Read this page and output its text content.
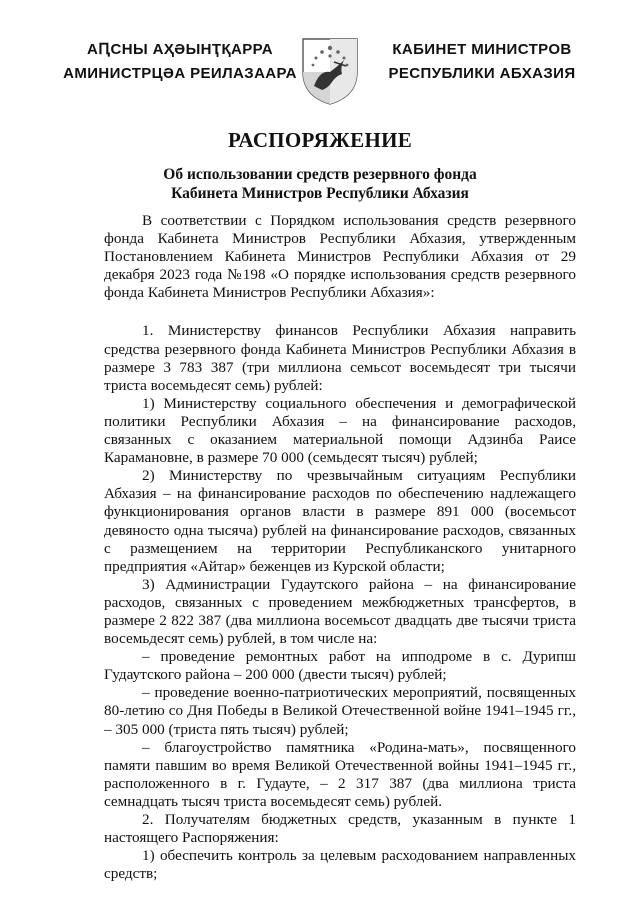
АԤСНЫ АҲӘЫНҬҚАРРА
АМИНИСТРЦӘА РЕИЛАЗААРА
КАБИНЕТ МИНИСТРОВ
РЕСПУБЛИКИ АБХАЗИЯ
РАСПОРЯЖЕНИЕ
Об использовании средств резервного фонда
Кабинета Министров Республики Абхазия

В соответствии с Порядком использования средств резервного фонда Кабинета Министров Республики Абхазия, утвержденным Постановлением Кабинета Министров Республики Абхазия от 29 декабря 2023 года №198 «О порядке использования средств резервного фонда Кабинета Министров Республики Абхазия»:

1. Министерству финансов Республики Абхазия направить средства резервного фонда Кабинета Министров Республики Абхазия в размере 3 783 387 (три миллиона семьсот восемьдесят три тысячи триста восемьдесят семь) рублей:

1) Министерству социального обеспечения и демографической политики Республики Абхазия – на финансирование расходов, связанных с оказанием материальной помощи Адзинба Раисе Карамановне, в размере 70 000 (семьдесят тысяч) рублей;

2) Министерству по чрезвычайным ситуациям Республики Абхазия – на финансирование расходов по обеспечению надлежащего функционирования органов власти в размере 891 000 (восемьсот девяносто одна тысяча) рублей на финансирование расходов, связанных с размещением на территории Республиканского унитарного предприятия «Айтар» беженцев из Курской области;

3) Администрации Гудаутского района – на финансирование расходов, связанных с проведением межбюджетных трансфертов, в размере 2 822 387 (два миллиона восемьсот двадцать две тысячи триста восемьдесят семь) рублей, в том числе на:

– проведение ремонтных работ на ипподроме в с. Дурипш Гудаутского района – 200 000 (двести тысяч) рублей;

– проведение военно-патриотических мероприятий, посвященных 80-летию со Дня Победы в Великой Отечественной войне 1941–1945 гг., – 305 000 (триста пять тысяч) рублей;

– благоустройство памятника «Родина-мать», посвященного памяти павшим во время Великой Отечественной войны 1941–1945 гг., расположенного в г. Гудауте, – 2 317 387 (два миллиона триста семнадцать тысяч триста восемьдесят семь) рублей.

2. Получателям бюджетных средств, указанным в пункте 1 настоящего Распоряжения:

1) обеспечить контроль за целевым расходованием направленных средств;
